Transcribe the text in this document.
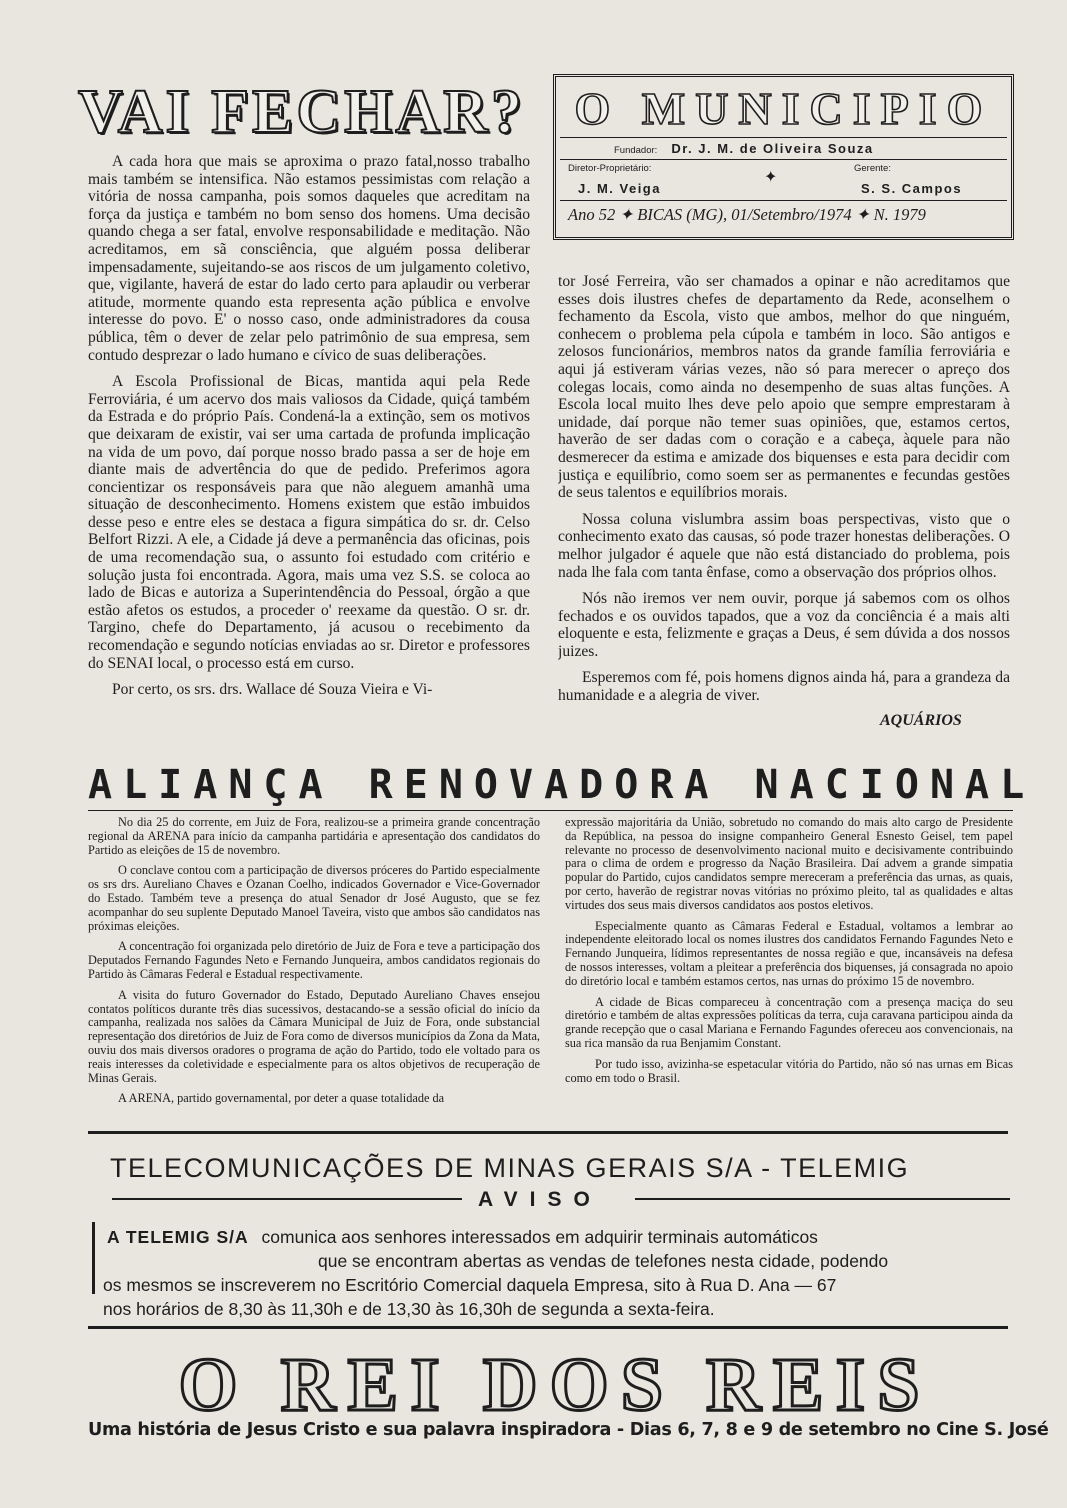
VAI FECHAR?	O MUNICIPIO
Fundador: Dr. J. M. de Oliveira Souza
Diretor-Proprietário:	Gerente:
✦
J. M. Veiga	S. S. Campos
Ano 52 ✦ BICAS (MG), 01/Setembro/1974 ✦ N. 1979

A cada hora que mais se aproxima o prazo fatal,nosso trabalho mais também se intensifica. Não estamos pessimistas com relação a vitória de nossa campanha, pois somos daqueles que acreditam na força da justiça e também no bom senso dos homens. Uma decisão quando chega a ser fatal, envolve responsabilidade e meditação. Não acreditamos, em sã consciência, que alguém possa deliberar impensadamente, sujeitando-se aos riscos de um julgamento coletivo, que, vigilante, haverá de estar do lado certo para aplaudir ou verberar atitude, mormente quando esta representa ação pública e envolve interesse do povo. E' o nosso caso, onde administradores da cousa pública, têm o dever de zelar pelo patrimônio de sua empresa, sem contudo desprezar o lado humano e cívico de suas deliberações.

A Escola Profissional de Bicas, mantida aqui pela Rede Ferroviária, é um acervo dos mais valiosos da Cidade, quiçá também da Estrada e do próprio País. Condená-la a extinção, sem os motivos que deixaram de existir, vai ser uma cartada de profunda implicação na vida de um povo, daí porque nosso brado passa a ser de hoje em diante mais de advertência do que de pedido. Preferimos agora concientizar os responsáveis para que não aleguem amanhã uma situação de desconhecimento. Homens existem que estão imbuidos desse peso e entre eles se destaca a figura simpática do sr. dr. Celso Belfort Rizzi. A ele, a Cidade já deve a permanência das oficinas, pois de uma recomendação sua, o assunto foi estudado com critério e solução justa foi encontrada. Agora, mais uma vez S.S. se coloca ao lado de Bicas e autoriza a Superintendência do Pessoal, órgão a que estão afetos os estudos, a proceder o' reexame da questão. O sr. dr. Targino, chefe do Departamento, já acusou o recebimento da recomendação e segundo notícias enviadas ao sr. Diretor e professores do SENAI local, o processo está em curso.

Por certo, os srs. drs. Wallace dé Souza Vieira e Vi-

tor José Ferreira, vão ser chamados a opinar e não acreditamos que esses dois ilustres chefes de departamento da Rede, aconselhem o fechamento da Escola, visto que ambos, melhor do que ninguém, conhecem o problema pela cúpola e também in loco. São antigos e zelosos funcionários, membros natos da grande família ferroviária e aqui já estiveram várias vezes, não só para merecer o apreço dos colegas locais, como ainda no desempenho de suas altas funções. A Escola local muito lhes deve pelo apoio que sempre emprestaram à unidade, daí porque não temer suas opiniões, que, estamos certos, haverão de ser dadas com o coração e a cabeça, àquele para não desmerecer da estima e amizade dos biquenses e esta para decidir com justiça e equilíbrio, como soem ser as permanentes e fecundas gestões de seus talentos e equilíbrios morais.

Nossa coluna vislumbra assim boas perspectivas, visto que o conhecimento exato das causas, só pode trazer honestas deliberações. O melhor julgador é aquele que não está distanciado do problema, pois nada lhe fala com tanta ênfase, como a observação dos próprios olhos.

Nós não iremos ver nem ouvir, porque já sabemos com os olhos fechados e os ouvidos tapados, que a voz da conciência é a mais alti eloquente e esta, felizmente e graças a Deus, é sem dúvida a dos nossos juizes.

Esperemos com fé, pois homens dignos ainda há, para a grandeza da humanidade e a alegria de viver.

AQUÁRIOS
ALIANÇA RENOVADORA NACIONAL

No dia 25 do corrente, em Juiz de Fora, realizou-se a primeira grande concentração regional da ARENA para início da campanha partidária e apresentação dos candidatos do Partido as eleições de 15 de novembro.

O conclave contou com a participação de diversos próceres do Partido especialmente os srs drs. Aureliano Chaves e Ozanan Coelho, indicados Governador e Vice-Governador do Estado. Também teve a presença do atual Senador dr José Augusto, que se fez acompanhar do seu suplente Deputado Manoel Taveira, visto que ambos são candidatos nas próximas eleições.

A concentração foi organizada pelo diretório de Juiz de Fora e teve a participação dos Deputados Fernando Fagundes Neto e Fernando Junqueira, ambos candidatos regionais do Partido às Câmaras Federal e Estadual respectivamente.

A visita do futuro Governador do Estado, Deputado Aureliano Chaves ensejou contatos políticos durante três dias sucessivos, destacando-se a sessão oficial do início da campanha, realizada nos salões da Câmara Municipal de Juiz de Fora, onde substancial representação dos diretórios de Juiz de Fora como de diversos municípios da Zona da Mata, ouviu dos mais diversos oradores o programa de ação do Partido, todo ele voltado para os reais interesses da coletividade e especialmente para os altos objetivos de recuperação de Minas Gerais.

A ARENA, partido governamental, por deter a quase totalidade da

expressão majoritária da União, sobretudo no comando do mais alto cargo de Presidente da República, na pessoa do insigne companheiro General Esnesto Geisel, tem papel relevante no processo de desenvolvimento nacional muito e decisivamente contribuindo para o clima de ordem e progresso da Nação Brasileira. Daí advem a grande simpatia popular do Partido, cujos candidatos sempre mereceram a preferência das urnas, as quais, por certo, haverão de registrar novas vitórias no próximo pleito, tal as qualidades e altas virtudes dos seus mais diversos candidatos aos postos eletivos.

Especialmente quanto as Câmaras Federal e Estadual, voltamos a lembrar ao independente eleitorado local os nomes ilustres dos candidatos Fernando Fagundes Neto e Fernando Junqueira, lídimos representantes de nossa região e que, incansáveis na defesa de nossos interesses, voltam a pleitear a preferência dos biquenses, já consagrada no apoio do diretório local e também estamos certos, nas urnas do próximo 15 de novembro.

A cidade de Bicas compareceu à concentração com a presença maciça do seu diretório e também de altas expressões políticas da terra, cuja caravana participou ainda da grande recepção que o casal Mariana e Fernando Fagundes ofereceu aos convencionais, na sua rica mansão da rua Benjamim Constant.

Por tudo isso, avizinha-se espetacular vitória do Partido, não só nas urnas em Bicas como em todo o Brasil.

TELECOMUNICAÇÕES DE MINAS GERAIS S/A - TELEMIG
AVISO
A TELEMIG S/A comunica aos senhores interessados em adquirir terminais automáticos
que se encontram abertas as vendas de telefones nesta cidade, podendo
os mesmos se inscreverem no Escritório Comercial daquela Empresa, sito à Rua D. Ana — 67
nos horários de 8,30 às 11,30h e de 13,30 às 16,30h de segunda a sexta-feira.
O REI DOS REIS
Uma história de Jesus Cristo e sua palavra inspiradora - Dias 6, 7, 8 e 9 de setembro no Cine S. José
